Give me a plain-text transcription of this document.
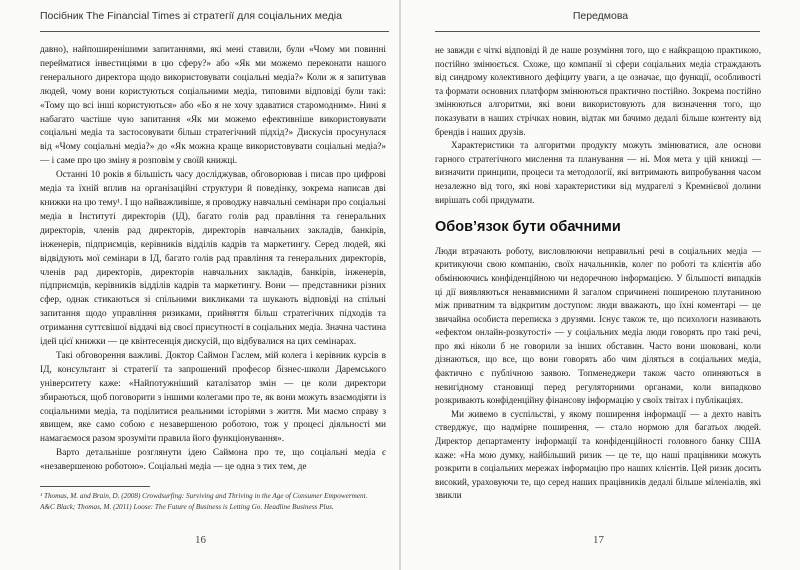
Посібник The Financial Times зі стратегії для соціальних медіа

давно), найпоширенішими запитаннями, які мені ставили, були «Чому ми повинні перейматися інвестиціями в цю сферу?» або «Як ми можемо переконати нашого генерального директора щодо використовувати соціальні медіа?» Коли ж я запитував людей, чому вони користуються соціальними медіа, типовими відповіді були такі: «Тому що всі інші користуються» або «Бо я не хочу здаватися старомодним». Нині я набагато частіше чую запитання «Як ми можемо ефективніше використовувати соціальні медіа та застосовувати більш стратегічний підхід?» Дискусія просунулася від «Чому соціальні медіа?» до «Як можна краще використовувати соціальні медіа?» — і саме про цю зміну я розповім у своїй книжці.

Останні 10 років я більшість часу досліджував, обговорював і писав про цифрові медіа та їхній вплив на організаційні структури й поведінку, зокрема написав дві книжки на цю тему¹. І що найважливіше, я проводжу навчальні семінари про соціальні медіа в Інституті директорів (ІД), багато голів рад правління та генеральних директорів, членів рад директорів, директорів навчальних закладів, банкірів, інженерів, підприємців, керівників відділів кадрів та маркетингу. Серед людей, які відвідують мої семінари в ІД, багато голів рад правління та генеральних директорів, членів рад директорів, директорів навчальних закладів, банкірів, інженерів, підприємців, керівників відділів кадрів та маркетингу. Вони — представники різних сфер, однак стикаються зі спільними викликами та шукають відповіді на спільні запитання щодо управління ризиками, прийняття більш стратегічних підходів та отримання суттєвішої віддачі від своєї присутності в соціальних медіа. Значна частина ідей цієї книжки — це квінтесенція дискусій, що відбувалися на цих семінарах.

Такі обговорення важливі. Доктор Саймон Гаслем, мій колега і керівник курсів в ІД, консультант зі стратегії та запрошений професор бізнес-школи Даремського університету каже: «Найпотужніший каталізатор змін — це коли директори збираються, щоб поговорити з іншими колегами про те, як вони можуть взаємодіяти із соціальними медіа, та поділитися реальними історіями з життя. Ми маємо справу з явищем, яке само собою є незавершеною роботою, тож у процесі діяльності ми намагаємося разом зрозуміти правила його функціонування».

Варто детальніше розглянути ідею Саймона про те, що соціальні медіа є «незавершеною роботою». Соціальні медіа — це одна з тих тем, де

¹ Thomas, M. and Brain, D. (2008) Crowdsurfing: Surviving and Thriving in the Age of Consumer Empowerment. A&C Black; Thomas, M. (2011) Loose: The Future of Business is Letting Go. Headline Business Plus.
16
Передмова

не завжди є чіткі відповіді й де наше розуміння того, що є найкращою практикою, постійно змінюється. Схоже, що компанії зі сфери соціальних медіа страждають від синдрому колективного дефіциту уваги, а це означає, що функції, особливості та формати основних платформ змінюються практично постійно. Зокрема постійно змінюються алгоритми, які вони використовують для визначення того, що показувати в наших стрічках новин, відтак ми бачимо дедалі більше контенту від брендів і наших друзів.

Характеристики та алгоритми продукту можуть змінюватися, але основи гарного стратегічного мислення та планування — ні. Моя мета у цій книжці — визначити принципи, процеси та методології, які витримають випробування часом незалежно від того, які нові характеристики від мудрагелі з Кремнієвої долини вирішать собі придумати.

Обов’язок бути обачними

Люди втрачають роботу, висловлюючи неправильні речі в соціальних медіа — критикуючи свою компанію, своїх начальників, колег по роботі та клієнтів або обмінюючись конфіденційною чи недоречною інформацією. У більшості випадків ці дії виявляються ненавмисними й загалом спричинені поширеною плутаниною між приватним та відкритим доступом: люди вважають, що їхні коментарі — це звичайна особиста переписка з друзями. Існує також те, що психологи називають «ефектом онлайн-розкутості» — у соціальних медіа люди говорять про такі речі, про які ніколи б не говорили за інших обставин. Часто вони шоковані, коли дізнаються, що все, що вони говорять або чим діляться в соціальних медіа, фактично є публічною заявою. Топменеджери також часто опиняються в невигідному становищі перед регуляторними органами, коли випадково розкривають конфіденційну фінансову інформацію у своїх твітах і публікаціях.

Ми живемо в суспільстві, у якому поширення інформації — а дехто навіть стверджує, що надмірне поширення, — стало нормою для багатьох людей. Директор департаменту інформації та конфіденційності головного банку США каже: «На мою думку, найбільший ризик — це те, що наші працівники можуть розкрити в соціальних мережах інформацію про наших клієнтів. Цей ризик досить високий, ураховуючи те, що серед наших працівників дедалі більше міленіалів, які звикли

17
